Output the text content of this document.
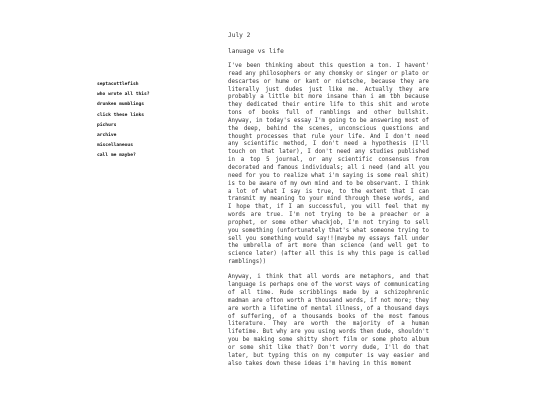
septacottlefish
who wrote all this?
drunken mumblings
click these links
pichurs
archive
miscellaneous
call me maybe?
July 2
lanuage vs life

I've been thinking about this question a ton. I havent' read any philosophers or any chomsky or singer or plato or descartes or hume or kant or nietsche, because they are literally just dudes just like me. Actually they are probably a little bit more insane than i am tbh because they dedicated their entire life to this shit and wrote tons of books full of ramblings and other bullshit. Anyway, in today's essay I'm going to be answering most of the deep, behind the scenes, unconscious questions and thought processes that rule your life. And I don't need any scientific method, I don't need a hypothesis (I'll touch on that later), I don't need any studies published in a top 5 journal, or any scientific consensus from decorated and famous individuals; all i need (and all you need for you to realize what i'm saying is some real shit) is to be aware of my own mind and to be observant. I think a lot of what I say is true, to the extent that I can transmit my meaning to your mind through these words, and I hope that, if I am successful, you will feel that my words are true. I'm not trying to be a preacher or a prophet, or some other whackjob, I'm not trying to sell you something (unfortunately that's what someone trying to sell you something would say!!(maybe my essays fall under the umbrella of art more than science (and well get to science later) (after all this is why this page is called ramblings))

Anyway, i think that all words are metaphors, and that language is perhaps one of the worst ways of communicating of all time. Rude scribblings made by a schizophrenic madman are ofton worth a thousand words, if not more; they are worth a lifetime of mental illness, of a thousand days of suffering, of a thousands books of the most famous literature. They are worth the majority of a human lifetime. But why are you using words then dude, shouldn't you be making some shitty short film or some photo album or some shit like that? Don't worry dude, I'll do that later, but typing this on my computer is way easier and also takes down these ideas i'm having in this moment
